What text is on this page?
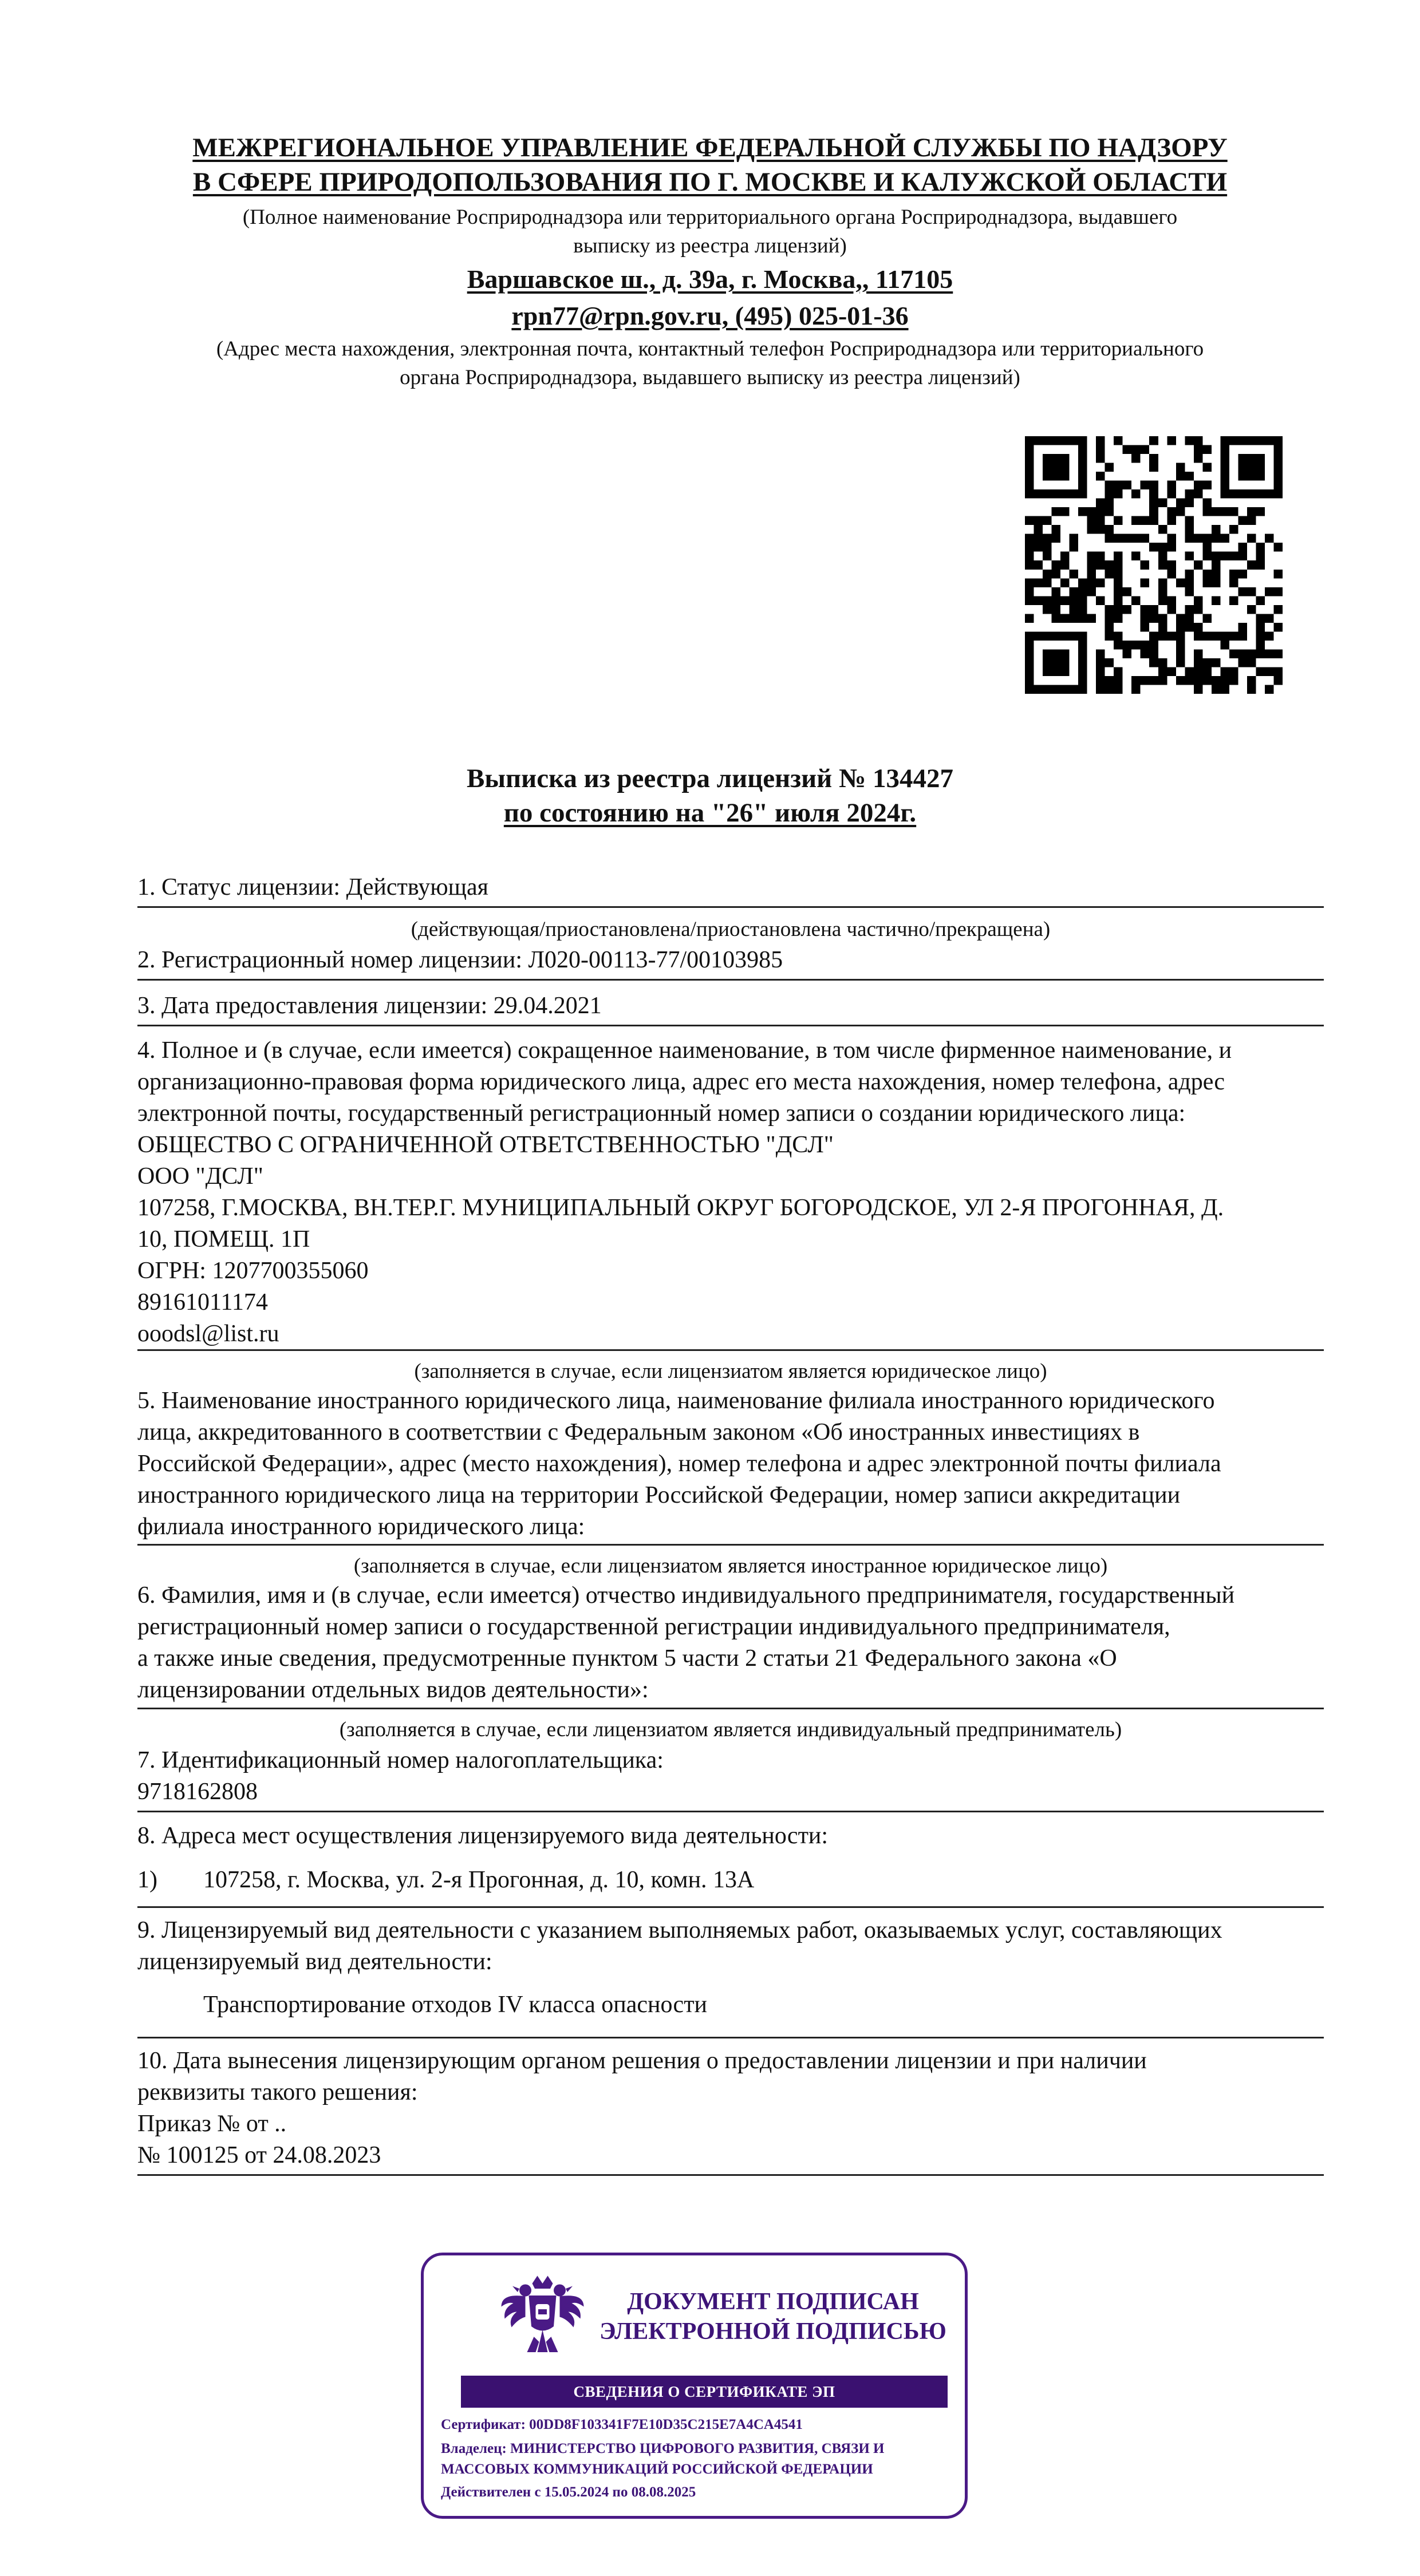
МЕЖРЕГИОНАЛЬНОЕ УПРАВЛЕНИЕ ФЕДЕРАЛЬНОЙ СЛУЖБЫ ПО НАДЗОРУ
В СФЕРЕ ПРИРОДОПОЛЬЗОВАНИЯ ПО Г. МОСКВЕ И КАЛУЖСКОЙ ОБЛАСТИ
(Полное наименование Росприроднадзора или территориального органа Росприроднадзора, выдавшего
выписку из реестра лицензий)
Варшавское ш., д. 39а, г. Москва,, 117105
rpn77@rpn.gov.ru, (495) 025-01-36
(Адрес места нахождения, электронная почта, контактный телефон Росприроднадзора или территориального
органа Росприроднадзора, выдавшего выписку из реестра лицензий)
Выписка из реестра лицензий № 134427
по состоянию на "26" июля 2024г.
1. Статус лицензии: Действующая
(действующая/приостановлена/приостановлена частично/прекращена)
2. Регистрационный номер лицензии: Л020-00113-77/00103985
3. Дата предоставления лицензии: 29.04.2021
4. Полное и (в случае, если имеется) сокращенное наименование, в том числе фирменное наименование, и
организационно-правовая форма юридического лица, адрес его места нахождения, номер телефона, адрес
электронной почты, государственный регистрационный номер записи о создании юридического лица:
ОБЩЕСТВО С ОГРАНИЧЕННОЙ ОТВЕТСТВЕННОСТЬЮ "ДСЛ"
ООО "ДСЛ"
107258, Г.МОСКВА, ВН.ТЕР.Г. МУНИЦИПАЛЬНЫЙ ОКРУГ БОГОРОДСКОЕ, УЛ 2-Я ПРОГОННАЯ, Д.
10, ПОМЕЩ. 1П
ОГРН: 1207700355060
89161011174
ooodsl@list.ru
(заполняется в случае, если лицензиатом является юридическое лицо)
5. Наименование иностранного юридического лица, наименование филиала иностранного юридического
лица, аккредитованного в соответствии с Федеральным законом «Об иностранных инвестициях в
Российской Федерации», адрес (место нахождения), номер телефона и адрес электронной почты филиала
иностранного юридического лица на территории Российской Федерации, номер записи аккредитации
филиала иностранного юридического лица:
(заполняется в случае, если лицензиатом является иностранное юридическое лицо)
6. Фамилия, имя и (в случае, если имеется) отчество индивидуального предпринимателя, государственный
регистрационный номер записи о государственной регистрации индивидуального предпринимателя,
а также иные сведения, предусмотренные пунктом 5 части 2 статьи 21 Федерального закона «О
лицензировании отдельных видов деятельности»:
(заполняется в случае, если лицензиатом является индивидуальный предприниматель)
7. Идентификационный номер налогоплательщика:
9718162808
8. Адреса мест осуществления лицензируемого вида деятельности:
1) 107258, г. Москва, ул. 2-я Прогонная, д. 10, комн. 13А
9. Лицензируемый вид деятельности с указанием выполняемых работ, оказываемых услуг, составляющих
лицензируемый вид деятельности:
Транспортирование отходов IV класса опасности
10. Дата вынесения лицензирующим органом решения о предоставлении лицензии и при наличии
реквизиты такого решения:
Приказ № от ..
№ 100125 от 24.08.2023
ДОКУМЕНТ ПОДПИСАН
ЭЛЕКТРОННОЙ ПОДПИСЬЮ
СВЕДЕНИЯ О СЕРТИФИКАТЕ ЭП
Сертификат: 00DD8F103341F7E10D35C215E7A4CA4541
Владелец: МИНИСТЕРСТВО ЦИФРОВОГО РАЗВИТИЯ, СВЯЗИ И
МАССОВЫХ КОММУНИКАЦИЙ РОССИЙСКОЙ ФЕДЕРАЦИИ
Действителен с 15.05.2024 по 08.08.2025
